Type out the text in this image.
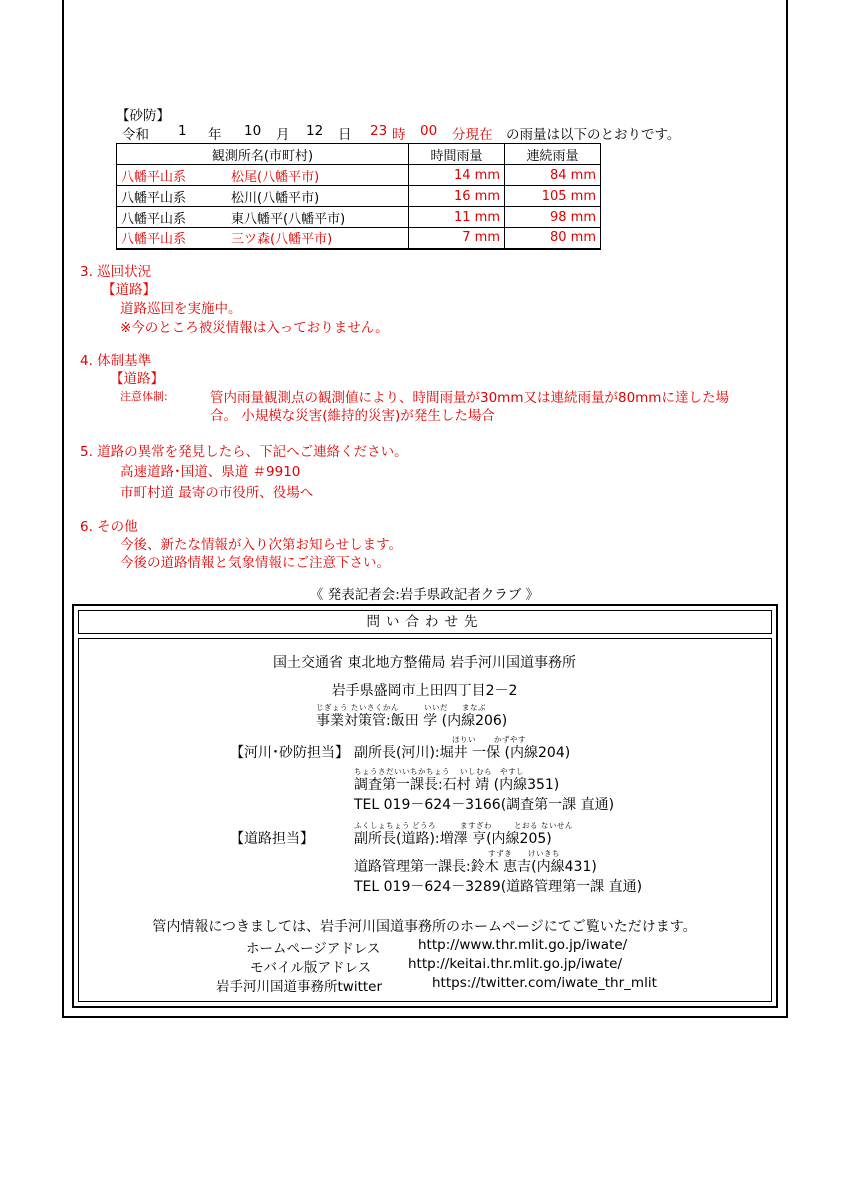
【砂防】
令和 1 年 10 月 12 日 23 時 00 分現在 の雨量は以下のとおりです。
観測所名(市町村)	時間雨量	連続雨量
八幡平山系 松尾(八幡平市)	14 mm	84 mm
八幡平山系 松川(八幡平市)	16 mm	105 mm
八幡平山系 東八幡平(八幡平市)	11 mm	98 mm
八幡平山系 三ツ森(八幡平市)	7 mm	80 mm
3. 巡回状況
【道路】
道路巡回を実施中。
※今のところ被災情報は入っておりません。
4. 体制基準
【道路】
注意体制:	管内雨量観測点の観測値により、時間雨量が30mm又は連続雨量が80mmに達した場
合。 小規模な災害(維持的災害)が発生した場合
5. 道路の異常を発見したら、下記へご連絡ください。
高速道路･国道、県道 ＃9910
市町村道 最寄の市役所、役場へ
6. その他
今後、新たな情報が入り次第お知らせします。
今後の道路情報と気象情報にご注意下さい。
《 発表記者会:岩手県政記者クラブ 》
問い合わせ先
国土交通省 東北地方整備局 岩手河川国道事務所
岩手県盛岡市上田四丁目2－2
じぎょう たいさくかん	いいだ まなぶ
事業対策管:飯田 学 (内線206)
【河川･砂防担当】
ほりい かずやす
副所長(河川):堀井 一保 (内線204)
ちょうさだいいちかちょう いしむら やすし
調査第一課長:石村 靖 (内線351)
TEL 019－624－3166(調査第一課 直通)
【道路担当】
ふくしょちょう どうろ	ますざわ	とおる ないせん
副所長(道路):増澤 亨(内線205)
すずき けいきち
道路管理第一課長:鈴木 恵吉(内線431)
TEL 019－624－3289(道路管理第一課 直通)
管内情報につきましては、岩手河川国道事務所のホームページにてご覧いただけます。
ホームページアドレス	http://www.thr.mlit.go.jp/iwate/
モバイル版アドレス	http://keitai.thr.mlit.go.jp/iwate/
岩手河川国道事務所twitter	https://twitter.com/iwate_thr_mlit
